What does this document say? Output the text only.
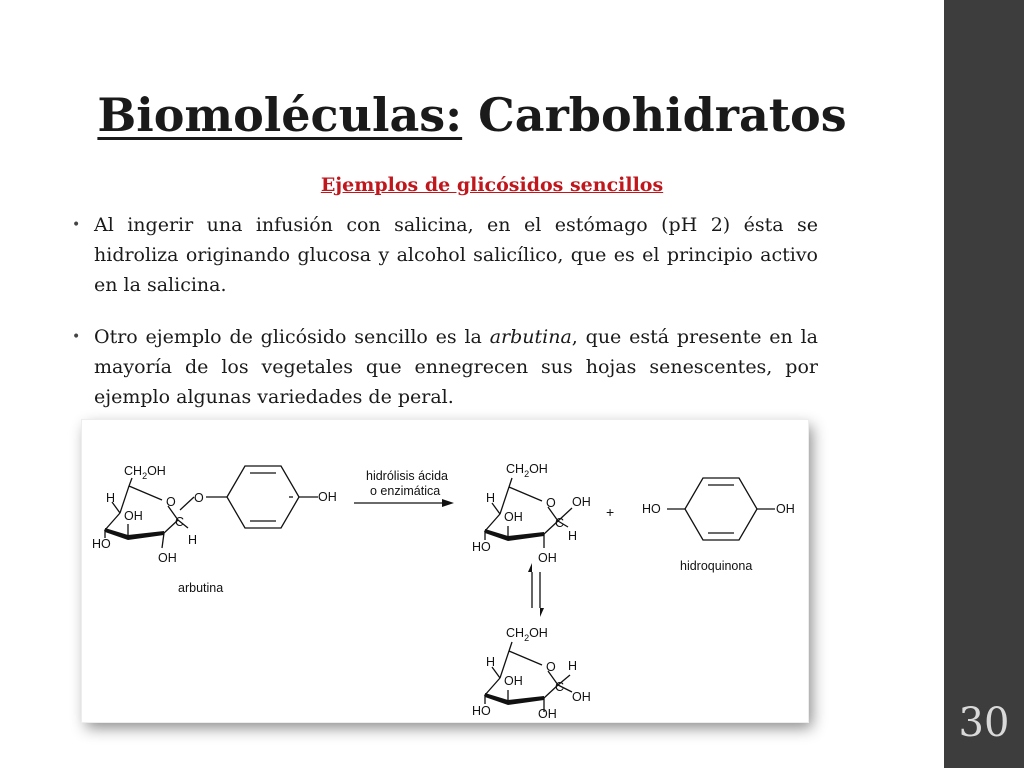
Biomoléculas: Carbohidratos
Ejemplos de glicósidos sencillos
• Al ingerir una infusión con salicina, en el estómago (pH 2) ésta se hidroliza originando glucosa y alcohol salicílico, que es el principio activo en la salicina.
• Otro ejemplo de glicósido sencillo es la arbutina, que está presente en la mayoría de los vegetales que ennegrecen sus hojas senescentes, por ejemplo algunas variedades de peral.
$CH_2OH$
H
OH
O
C
H
O
HO
OH
OH
arbutina
hidrólisis ácida
o enzimática
$CH_2OH$
H
OH
O OH
C
H
HO
OH
+ HO	OH
hidroquinona
$CH_2OH$
H
OH
O H
C
OH
HO	OH	30
